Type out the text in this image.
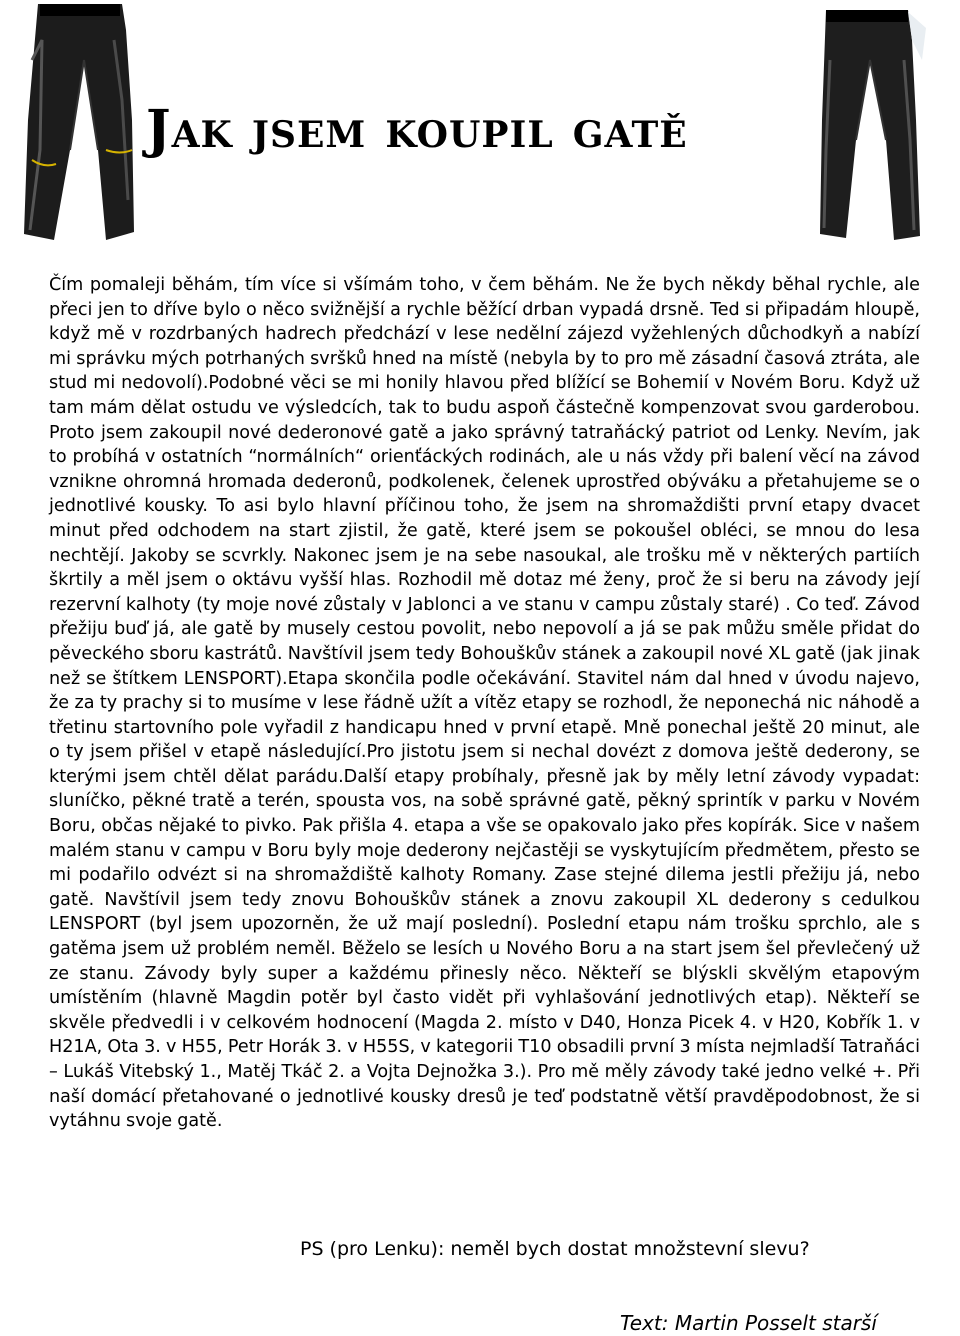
Jak jsem koupil gatě

Čím pomaleji běhám, tím více si všímám toho, v čem běhám. Ne že bych někdy běhal rychle, ale přeci jen to dříve bylo o něco svižnější a rychle běžící drban vypadá drsně. Ted si připadám hloupě, když mě v rozdrbaných hadrech předchází v lese nedělní zájezd vyžehlených důchodkyň a nabízí mi správku mých potrhaných svršků hned na místě (nebyla by to pro mě zásadní časová ztráta, ale stud mi nedovolí).Podobné věci se mi honily hlavou před blížící se Bohemií v Novém Boru. Když už tam mám dělat ostudu ve výsledcích, tak to budu aspoň částečně kompenzovat svou garderobou. Proto jsem zakoupil nové dederonové gatě a jako správný tatraňácký patriot od Lenky. Nevím, jak to probíhá v ostatních “normálních“ orienťáckých rodinách, ale u nás vždy při balení věcí na závod vznikne ohromná hromada dederonů, podkolenek, čelenek uprostřed obýváku a přetahujeme se o jednotlivé kousky. To asi bylo hlavní příčinou toho, že jsem na shromaždišti první etapy dvacet minut před odchodem na start zjistil, že gatě, které jsem se pokoušel obléci, se mnou do lesa nechtějí. Jakoby se scvrkly. Nakonec jsem je na sebe nasoukal, ale trošku mě v některých partiích škrtily a měl jsem o oktávu vyšší hlas. Rozhodil mě dotaz mé ženy, proč že si beru na závody její rezervní kalhoty (ty moje nové zůstaly v Jablonci a ve stanu v campu zůstaly staré) . Co teď. Závod přežiju buď já, ale gatě by musely cestou povolit, nebo nepovolí a já se pak můžu směle přidat do pěveckého sboru kastrátů. Navštívil jsem tedy Bohouškův stánek a zakoupil nové XL gatě (jak jinak než se štítkem LENSPORT).Etapa skončila podle očekávání. Stavitel nám dal hned v úvodu najevo, že za ty prachy si to musíme v lese řádně užít a vítěz etapy se rozhodl, že neponechá nic náhodě a třetinu startovního pole vyřadil z handicapu hned v první etapě. Mně ponechal ještě 20 minut, ale o ty jsem přišel v etapě následující.Pro jistotu jsem si nechal dovézt z domova ještě dederony, se kterými jsem chtěl dělat parádu.Další etapy probíhaly, přesně jak by měly letní závody vypadat: sluníčko, pěkné tratě a terén, spousta vos, na sobě správné gatě, pěkný sprintík v parku v Novém Boru, občas nějaké to pivko. Pak přišla 4. etapa a vše se opakovalo jako přes kopírák. Sice v našem malém stanu v campu v Boru byly moje dederony nejčastěji se vyskytujícím předmětem, přesto se mi podařilo odvézt si na shromaždiště kalhoty Romany. Zase stejné dilema jestli přežiju já, nebo gatě. Navštívil jsem tedy znovu Bohouškův stánek a znovu zakoupil XL dederony s cedulkou LENSPORT (byl jsem upozorněn, že už mají poslední). Poslední etapu nám trošku sprchlo, ale s gatěma jsem už problém neměl. Běželo se lesích u Nového Boru a na start jsem šel převlečený už ze stanu. Závody byly super a každému přinesly něco. Někteří se blýskli skvělým etapovým umístěním (hlavně Magdin potěr byl často vidět při vyhlašování jednotlivých etap). Někteří se skvěle předvedli i v celkovém hodnocení (Magda 2. místo v D40, Honza Picek 4. v H20, Kobřík 1. v H21A, Ota 3. v H55, Petr Horák 3. v H55S, v kategorii T10 obsadili první 3 místa nejmladší Tatraňáci – Lukáš Vitebský 1., Matěj Tkáč 2. a Vojta Dejnožka 3.). Pro mě měly závody také jedno velké +. Při naší domácí přetahované o jednotlivé kousky dresů je teď podstatně větší pravděpodobnost, že si vytáhnu svoje gatě.

PS (pro Lenku): neměl bych dostat množstevní slevu?

Text: Martin Posselt starší
